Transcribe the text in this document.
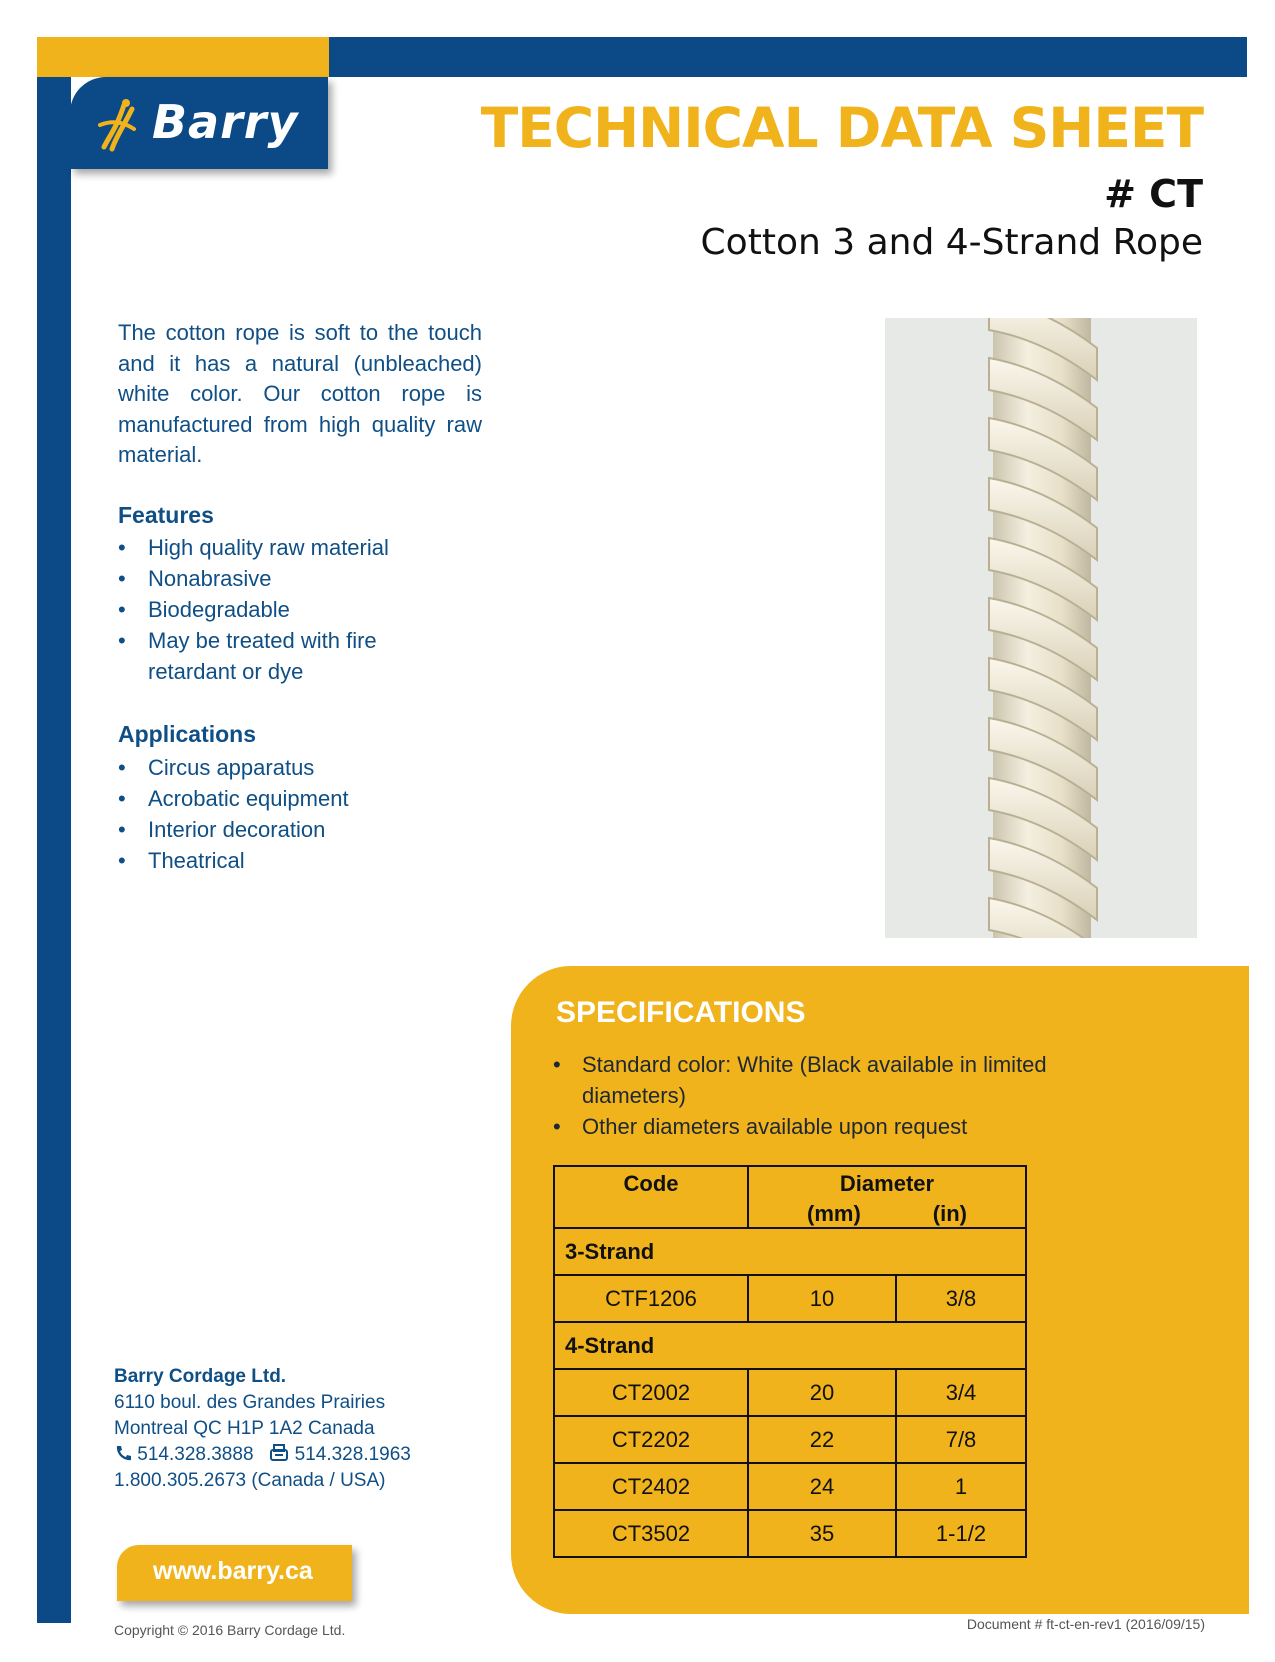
Barry	TECHNICAL DATA SHEET
# CT
Cotton 3 and 4-Strand Rope

The cotton rope is soft to the touch and it has a natural (unbleached) white color. Our cotton rope is manufactured from high quality raw material.

Features
• High quality raw material
• Nonabrasive
• Biodegradable
• May be treated with fire retardant or dye
Applications
• Circus apparatus
• Acrobatic equipment
• Interior decoration
• Theatrical
SPECIFICATIONS
• Standard color: White (Black available in limited diameters)
• Other diameters available upon request
Code	Diameter
(mm) (in)	

3-Strand		
CTF1206	10	3/8
4-Strand		
CT2002	20	3/4
CT2202	22	7/8
CT2402	24	1
CT3502	35	1-1/2
Barry Cordage Ltd.
6110 boul. des Grandes Prairies
Montreal QC H1P 1A2 Canada
514.328.3888 514.328.1963
1.800.305.2673 (Canada / USA)
www.barry.ca
Copyright © 2016 Barry Cordage Ltd.	Document # ft-ct-en-rev1 (2016/09/15)
